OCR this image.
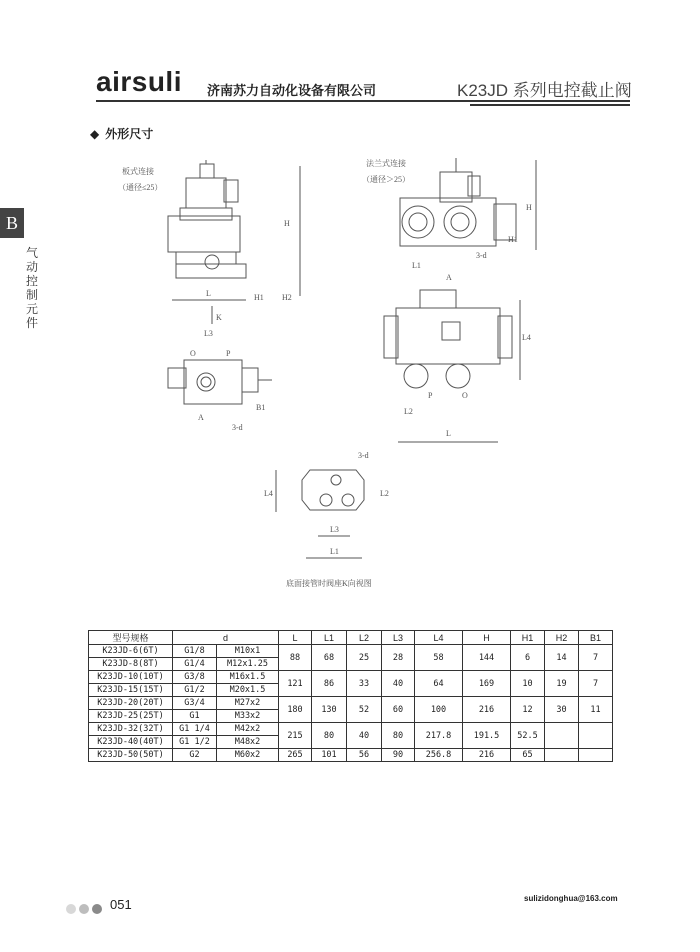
airsuli 济南苏力自动化设备有限公司	K23JD 系列电控截止阀
◆ 外形尺寸
B
气动控制元件
板式连接
（通径≤25）
L
H
H1 H2
K
L3
O	P
A
3-d
B1
法兰式连接
（通径＞25）
H
H1
3-d
L1
A
L4
L2
P	O
L
3-d
L4	L2
L3
L1
底面接管时阀座K向视图
型号规格	d		L	L1	L2	L3	L4	H	H1	H2	B1
K23JD-6(6T)	G1/8	M10x1	88	68	25	28	58	144	6	14	7
K23JD-8(8T)	G1/4	M12x1.25									
K23JD-10(10T)	G3/8	M16x1.5	121	86	33	40	64	169	10	19	7
K23JD-15(15T)	G1/2	M20x1.5									
K23JD-20(20T)	G3/4	M27x2	180	130	52	60	100	216	12	30	11
K23JD-25(25T)	G1	M33x2									
K23JD-32(32T)	G1 1/4	M42x2	215	80	40	80	217.8	191.5	52.5		
K23JD-40(40T)	G1 1/2	M48x2									
K23JD-50(50T)	G2	M60x2	265	101	56	90	256.8	216	65		
051	sulizidonghua@163.com
